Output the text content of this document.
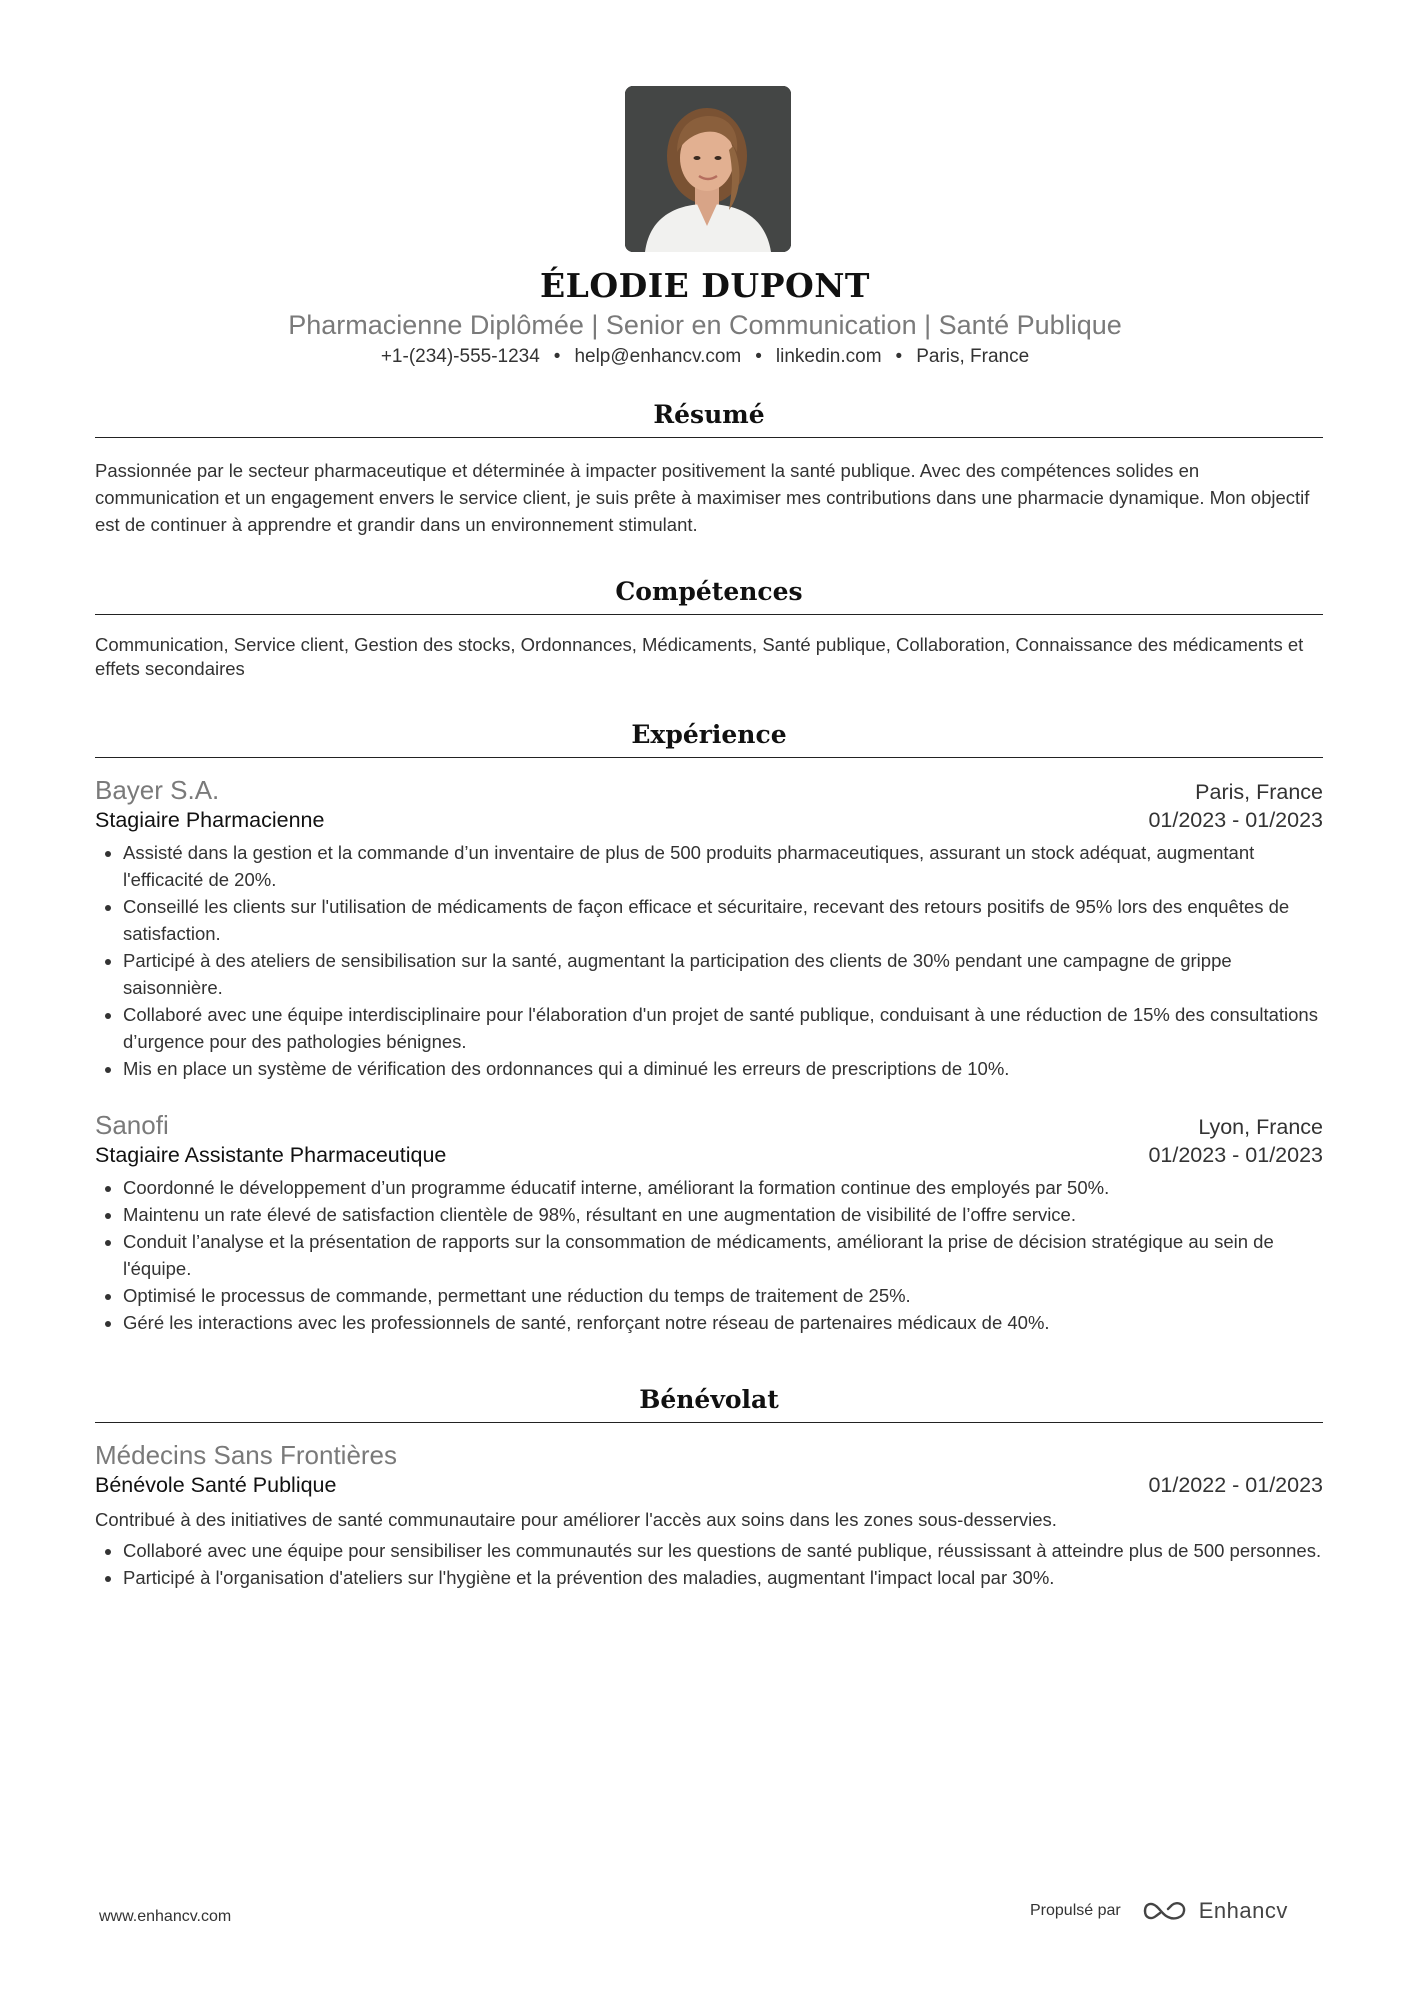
ÉLODIE DUPONT
Pharmacienne Diplômée | Senior en Communication | Santé Publique
+1-(234)-555-1234 • help@enhancv.com • linkedin.com • Paris, France
Résumé
Passionnée par le secteur pharmaceutique et déterminée à impacter positivement la santé publique. Avec des compétences solides en communication et un engagement envers le service client, je suis prête à maximiser mes contributions dans une pharmacie dynamique. Mon objectif est de continuer à apprendre et grandir dans un environnement stimulant.
Compétences
Communication, Service client, Gestion des stocks, Ordonnances, Médicaments, Santé publique, Collaboration, Connaissance des médicaments et effets secondaires
Expérience
Bayer S.A.	Paris, France
Stagiaire Pharmacienne	01/2023 - 01/2023
• Assisté dans la gestion et la commande d’un inventaire de plus de 500 produits pharmaceutiques, assurant un stock adéquat, augmentant l'efficacité de 20%.
• Conseillé les clients sur l'utilisation de médicaments de façon efficace et sécuritaire, recevant des retours positifs de 95% lors des enquêtes de satisfaction.
• Participé à des ateliers de sensibilisation sur la santé, augmentant la participation des clients de 30% pendant une campagne de grippe saisonnière.
• Collaboré avec une équipe interdisciplinaire pour l'élaboration d'un projet de santé publique, conduisant à une réduction de 15% des consultations d’urgence pour des pathologies bénignes.
• Mis en place un système de vérification des ordonnances qui a diminué les erreurs de prescriptions de 10%.
Sanofi	Lyon, France
Stagiaire Assistante Pharmaceutique	01/2023 - 01/2023
• Coordonné le développement d’un programme éducatif interne, améliorant la formation continue des employés par 50%.
• Maintenu un rate élevé de satisfaction clientèle de 98%, résultant en une augmentation de visibilité de l’offre service.
• Conduit l’analyse et la présentation de rapports sur la consommation de médicaments, améliorant la prise de décision stratégique au sein de l'équipe.
• Optimisé le processus de commande, permettant une réduction du temps de traitement de 25%.
• Géré les interactions avec les professionnels de santé, renforçant notre réseau de partenaires médicaux de 40%.
Bénévolat
Médecins Sans Frontières
Bénévole Santé Publique	01/2022 - 01/2023
Contribué à des initiatives de santé communautaire pour améliorer l'accès aux soins dans les zones sous-desservies.
• Collaboré avec une équipe pour sensibiliser les communautés sur les questions de santé publique, réussissant à atteindre plus de 500 personnes.
• Participé à l'organisation d'ateliers sur l'hygiène et la prévention des maladies, augmentant l'impact local par 30%.
www.enhancv.com	Propulsé par	Enhancv
